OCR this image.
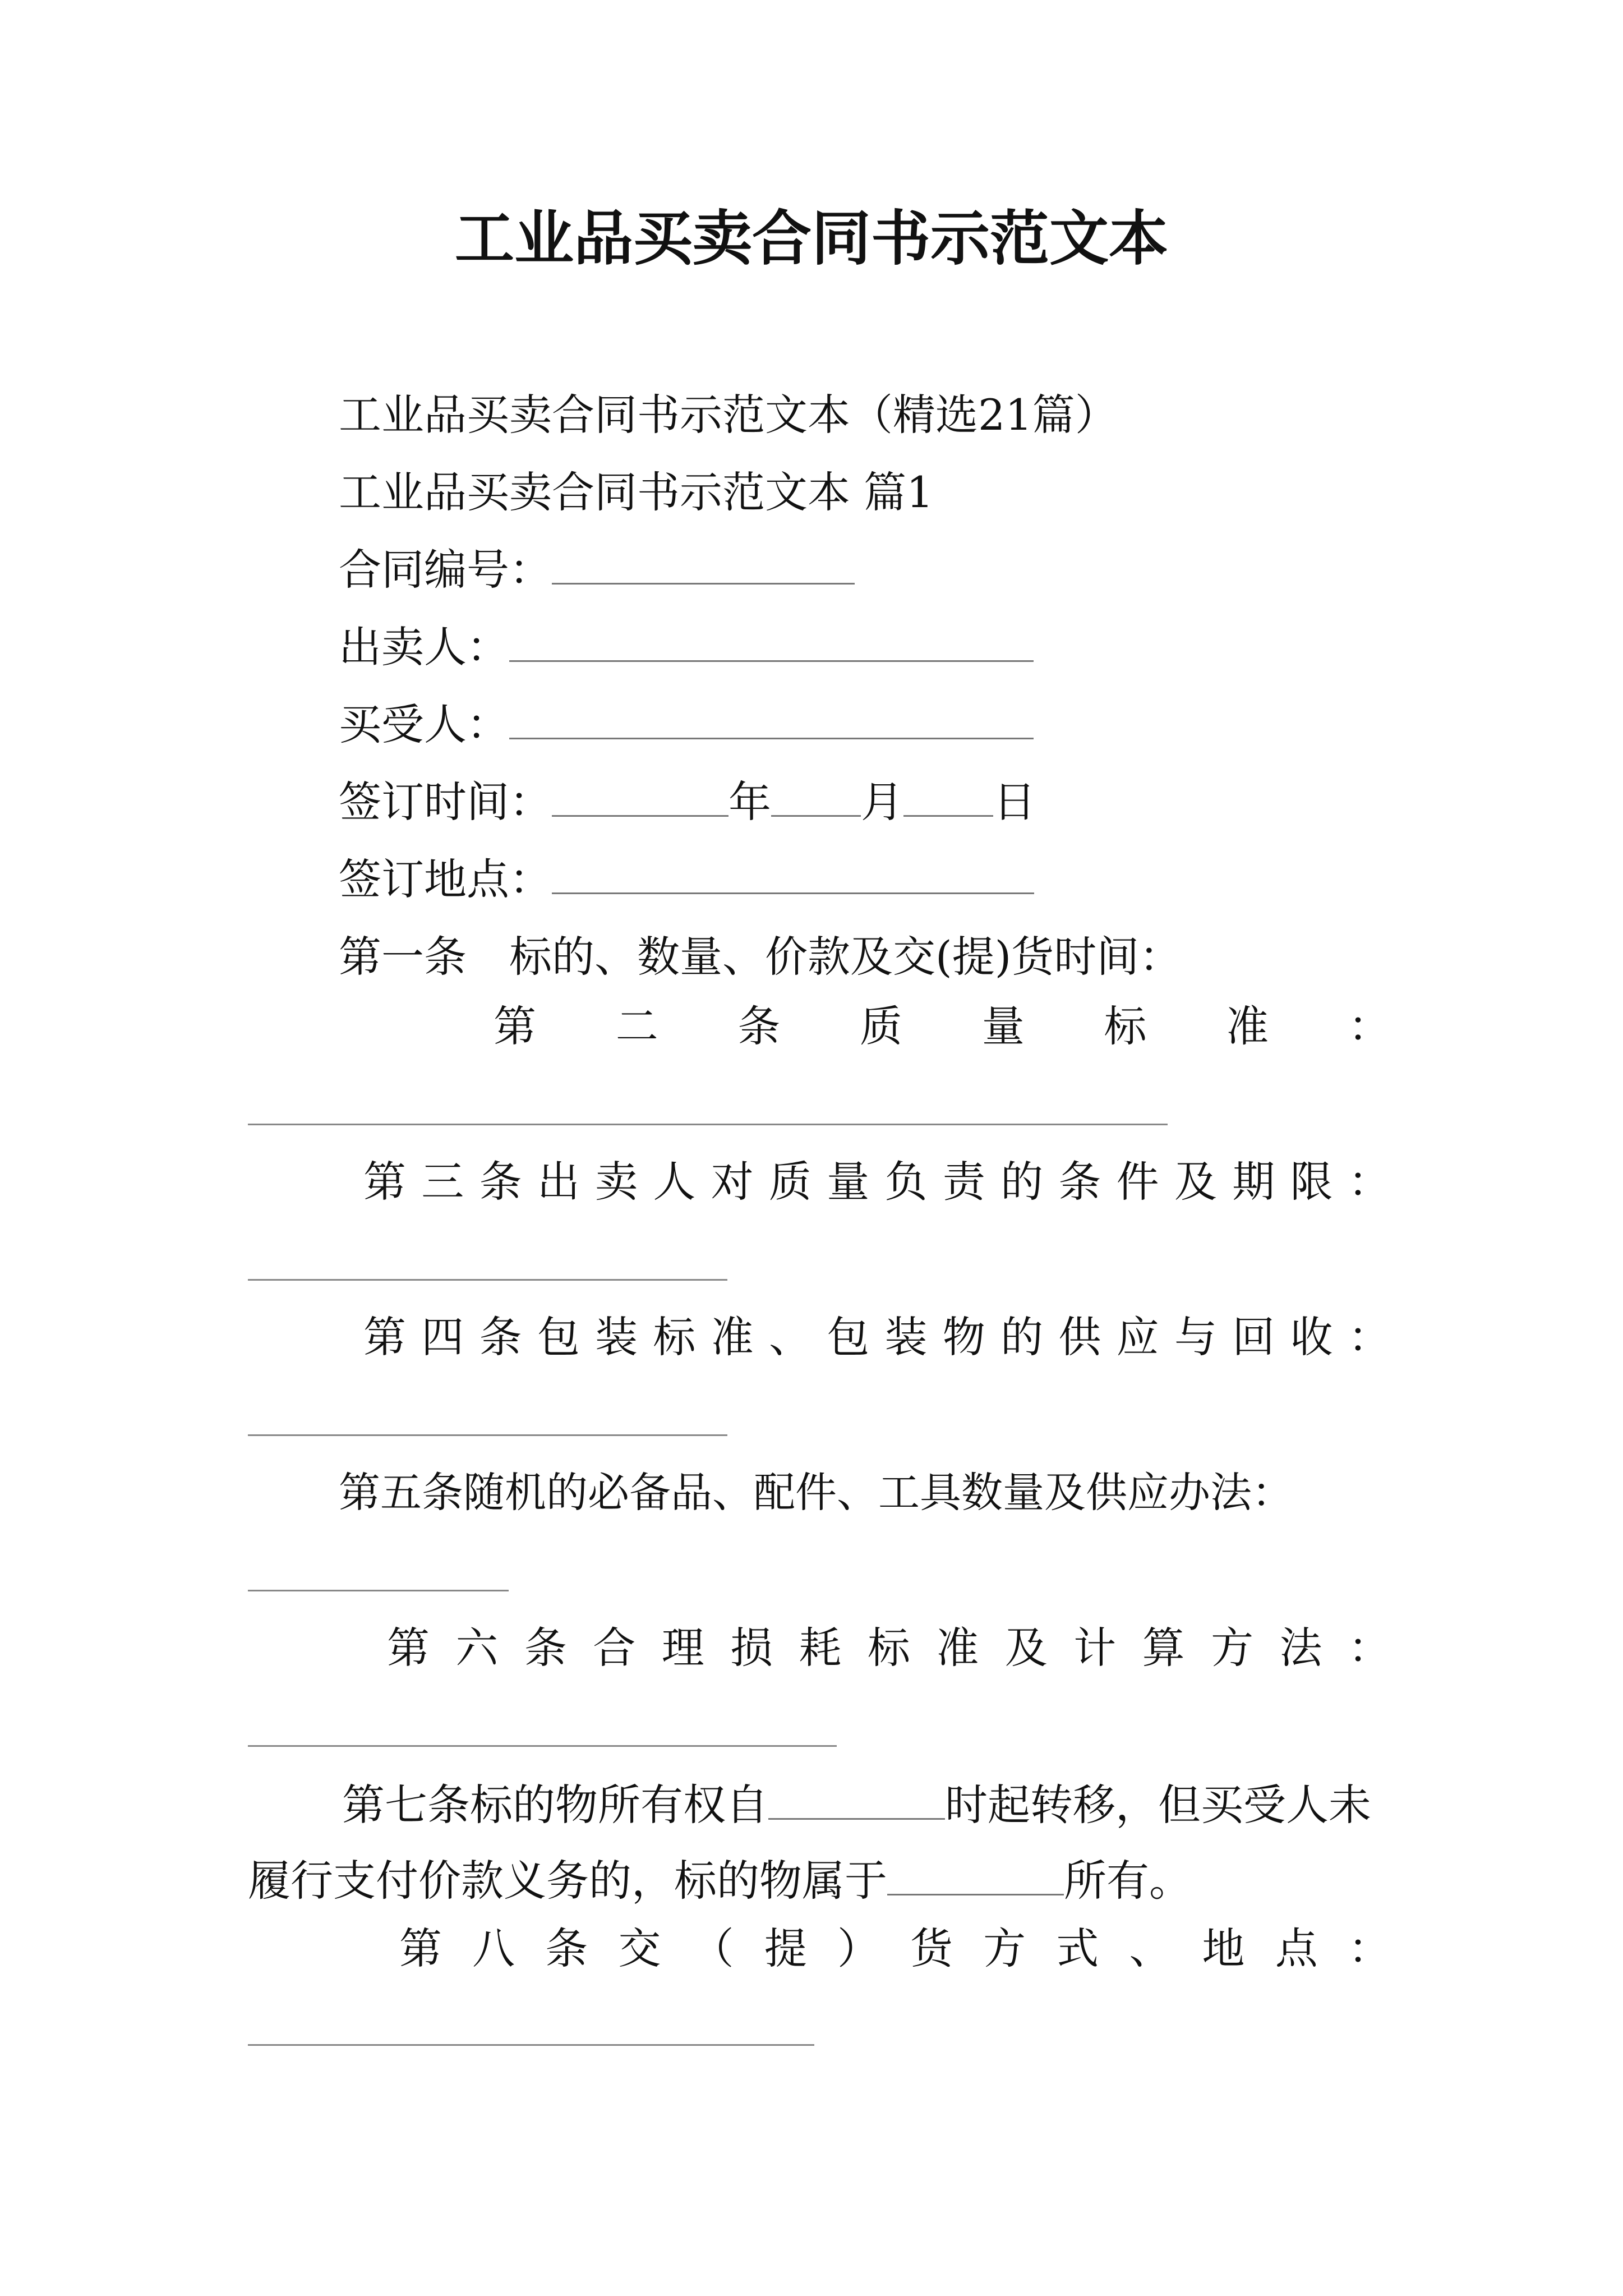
工业品买卖合同书示范文本
工业品买卖合同书示范文本（精选21篇）
工业品买卖合同书示范文本 篇1
合同编号：
出卖人：
买受人：
签订时间：	年 月 日
签订地点：
第一条　标的、数量、价款及交(提)货时间：
第 二 条 质 量 标 准 ：
第 三 条 出 卖 人 对 质 量 负 责 的 条 件 及 期 限 ：
第 四 条 包 装 标 准 、 包 装 物 的 供 应 与 回 收 ：
第五条随机的必备品、配件、工具数量及供应办法：
第 六 条 合 理 损 耗 标 准 及 计 算 方 法 ：
第七条标的物所有权自	时起转移，但买受人未履行支付价款义务的，标的物属于	所有。
第 八 条 交 （ 提 ） 货 方 式 、 地 点 ：
